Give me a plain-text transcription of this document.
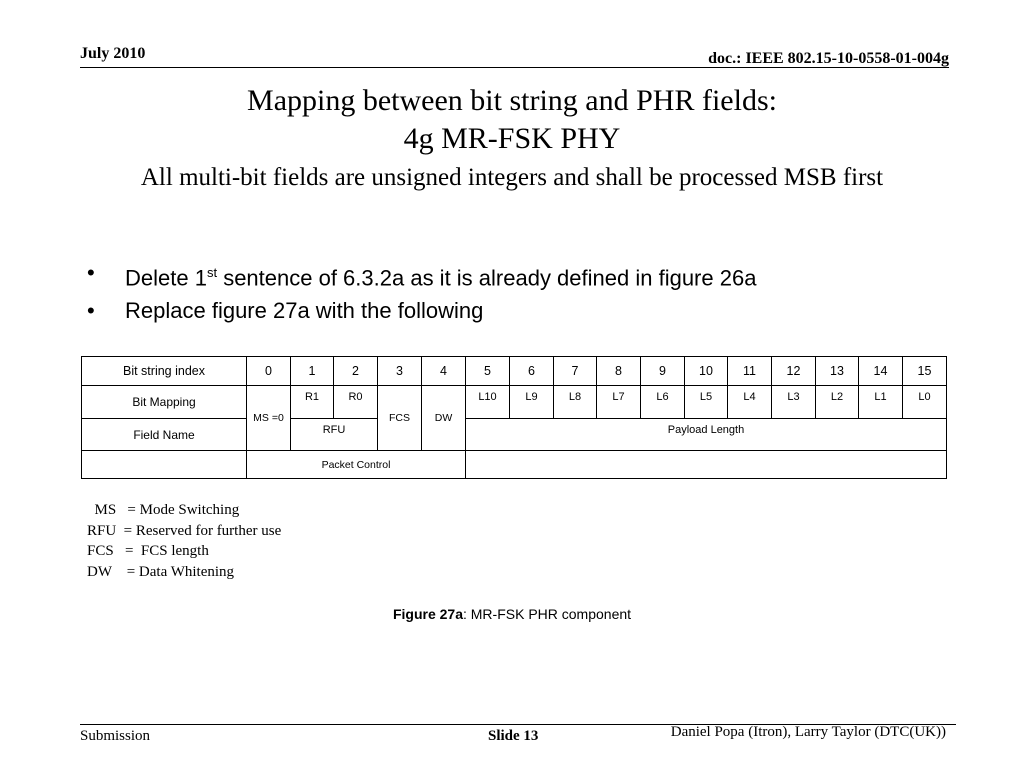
July 2010	doc.: IEEE 802.15-10-0558-01-004g
Mapping between bit string and PHR fields:
4g MR-FSK PHY
All multi-bit fields are unsigned integers and shall be processed MSB first
• Delete 1st sentence of 6.3.2a as it is already defined in figure 26a
• Replace figure 27a with the following
Bit string index	0	1	2	3	4	5	6	7	8	9	10	11	12	13	14	15
Bit Mapping	MS =0	R1	R0	FCS	DW	L10	L9	L8	L7	L6	L5	L4	L3	L2	L1	L0
Field Name		RFU				Payload Length										
	Packet Control															
MS   = Mode Switching
RFU  = Reserved for further use
FCS   =  FCS length
DW    = Data Whitening
Figure 27a: MR-FSK PHR component
Submission	Slide 13	Daniel Popa (Itron), Larry Taylor (DTC(UK))
